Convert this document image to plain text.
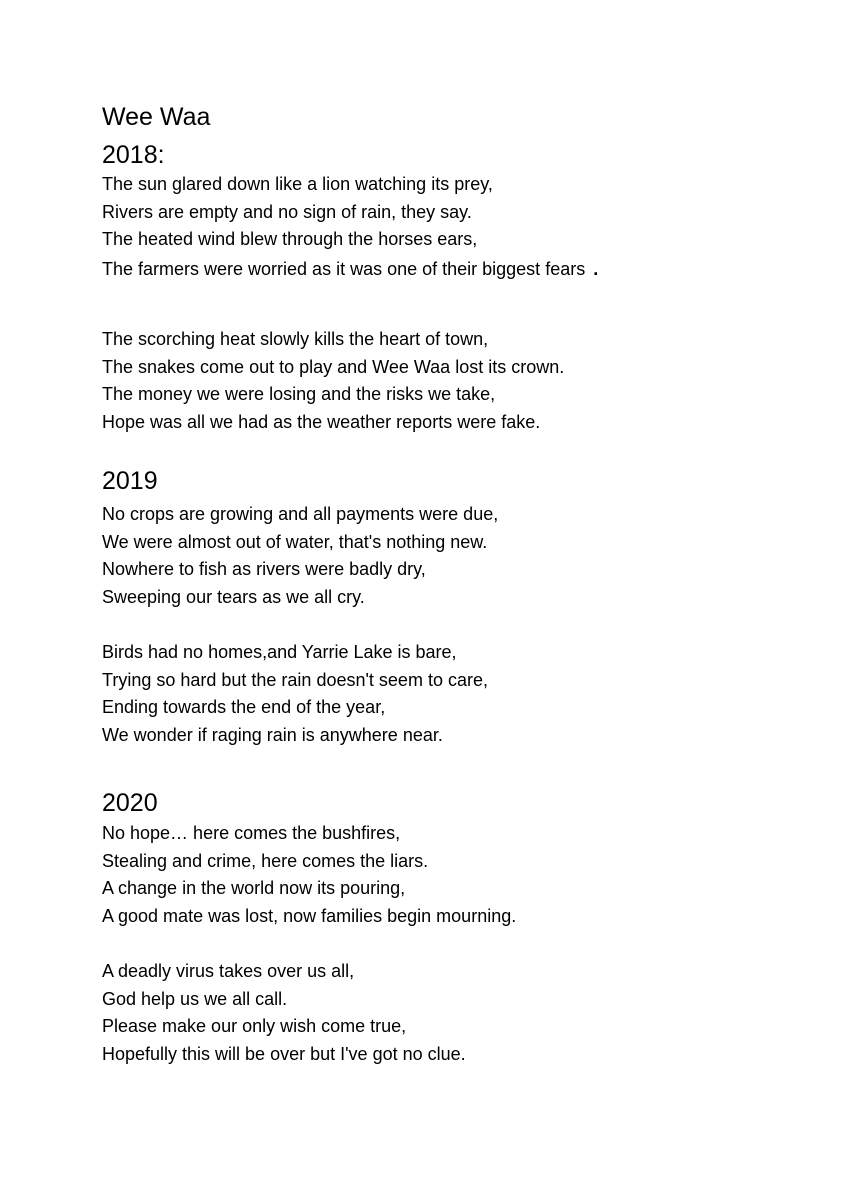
Wee Waa
2018:
The sun glared down like a lion watching its prey,
Rivers are empty and no sign of rain, they say.
The heated wind blew through the horses ears,
The farmers were worried as it was one of their biggest fears .
The scorching heat slowly kills the heart of town,
The snakes come out to play and Wee Waa lost its crown.
The money we were losing and the risks we take,
Hope was all we had as the weather reports were fake.
2019
No crops are growing and all payments were due,
We were almost out of water, that's nothing new.
Nowhere to fish as rivers were badly dry,
Sweeping our tears as we all cry.
Birds had no homes,and Yarrie Lake is bare,
Trying so hard but the rain doesn't seem to care,
Ending towards the end of the year,
We wonder if raging rain is anywhere near.
2020
No hope… here comes the bushfires,
Stealing and crime, here comes the liars.
A change in the world now its pouring,
A good mate was lost, now families begin mourning.
A deadly virus takes over us all,
God help us we all call.
Please make our only wish come true,
Hopefully this will be over but I've got no clue.
